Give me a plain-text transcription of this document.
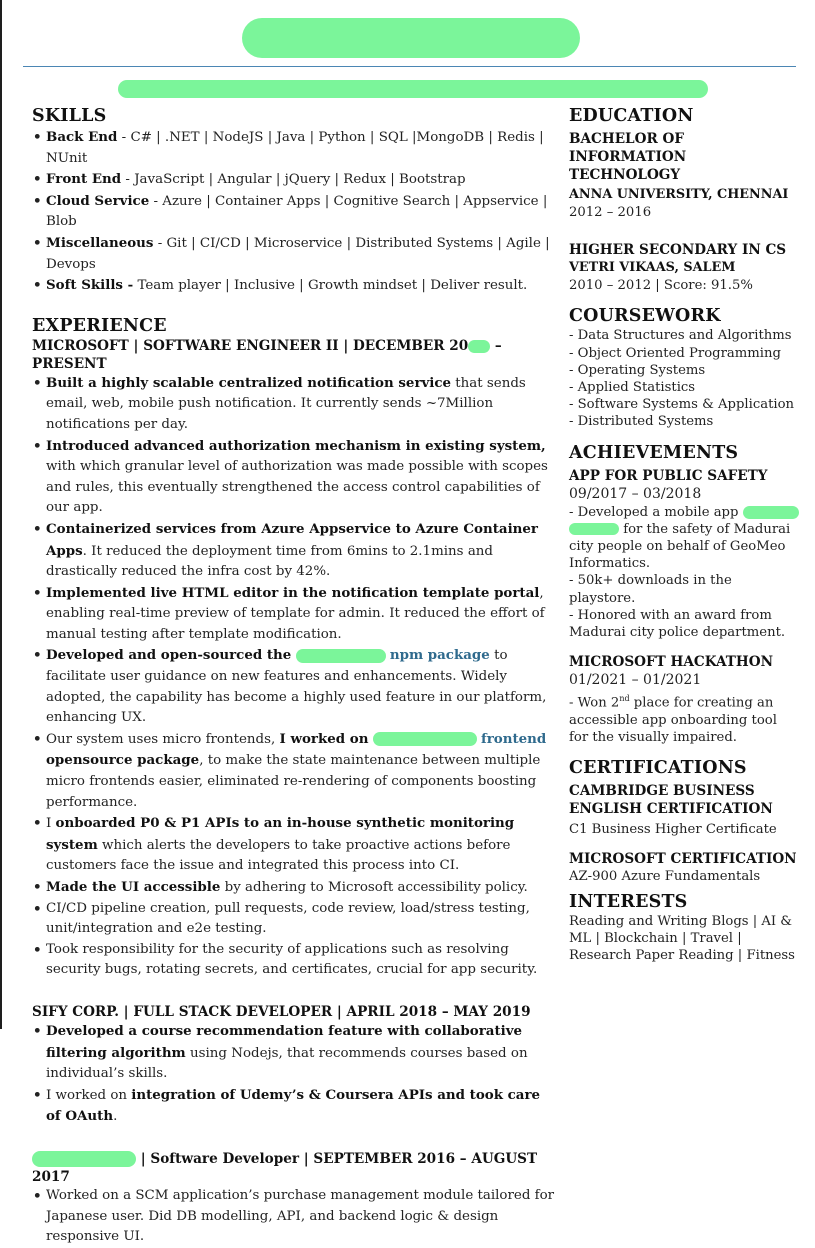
SKILLS
• Back End - C# | .NET | NodeJS | Java | Python | SQL |MongoDB | Redis | NUnit
• Front End - JavaScript | Angular | jQuery | Redux | Bootstrap
• Cloud Service - Azure | Container Apps | Cognitive Search | Appservice | Blob
• Miscellaneous - Git | CI/CD | Microservice | Distributed Systems | Agile | Devops
• Soft Skills - Team player | Inclusive | Growth mindset | Deliver result.
EXPERIENCE
MICROSOFT | SOFTWARE ENGINEER II | DECEMBER 20 – PRESENT
• Built a highly scalable centralized notification service that sends email, web, mobile push notification. It currently sends ~7Million notifications per day.
• Introduced advanced authorization mechanism in existing system, with which granular level of authorization was made possible with scopes and rules, this eventually strengthened the access control capabilities of our app.
• Containerized services from Azure Appservice to Azure Container Apps. It reduced the deployment time from 6mins to 2.1mins and drastically reduced the infra cost by 42%.
• Implemented live HTML editor in the notification template portal, enabling real-time preview of template for admin. It reduced the effort of manual testing after template modification.
• Developed and open-sourced the	npm package to facilitate user guidance on new features and enhancements. Widely adopted, the capability has become a highly used feature in our platform, enhancing UX.
• Our system uses micro frontends, I worked on	frontend opensource package, to make the state maintenance between multiple micro frontends easier, eliminated re-rendering of components boosting performance.
• I onboarded P0 & P1 APIs to an in-house synthetic monitoring system which alerts the developers to take proactive actions before customers face the issue and integrated this process into CI.
• Made the UI accessible by adhering to Microsoft accessibility policy.
• CI/CD pipeline creation, pull requests, code review, load/stress testing, unit/integration and e2e testing.
• Took responsibility for the security of applications such as resolving security bugs, rotating secrets, and certificates, crucial for app security.
SIFY CORP. | FULL STACK DEVELOPER | APRIL 2018 – MAY 2019
• Developed a course recommendation feature with collaborative filtering algorithm using Nodejs, that recommends courses based on individual’s skills.
• I worked on integration of Udemy’s & Coursera APIs and took care of OAuth.
| Software Developer | SEPTEMBER 2016 – AUGUST 2017
• Worked on a SCM application’s purchase management module tailored for Japanese user. Did DB modelling, API, and backend logic & design responsive UI.
EDUCATION
BACHELOR OF INFORMATION TECHNOLOGY
ANNA UNIVERSITY, CHENNAI
2012 – 2016
HIGHER SECONDARY IN CS
VETRI VIKAAS, SALEM
2010 – 2012 | Score: 91.5%
COURSEWORK
- Data Structures and Algorithms
- Object Oriented Programming
- Operating Systems
- Applied Statistics
- Software Systems & Application
- Distributed Systems
ACHIEVEMENTS
APP FOR PUBLIC SAFETY
09/2017 – 03/2018
- Developed a mobile app
for the safety of Madurai city people on behalf of GeoMeo Informatics.
- 50k+ downloads in the playstore.
- Honored with an award from Madurai city police department.
MICROSOFT HACKATHON
01/2021 – 01/2021
- Won 2nd place for creating an accessible app onboarding tool for the visually impaired.
CERTIFICATIONS
CAMBRIDGE BUSINESS ENGLISH CERTIFICATION
C1 Business Higher Certificate
MICROSOFT CERTIFICATION
AZ-900 Azure Fundamentals
INTERESTS
Reading and Writing Blogs | AI & ML | Blockchain | Travel | Research Paper Reading | Fitness
